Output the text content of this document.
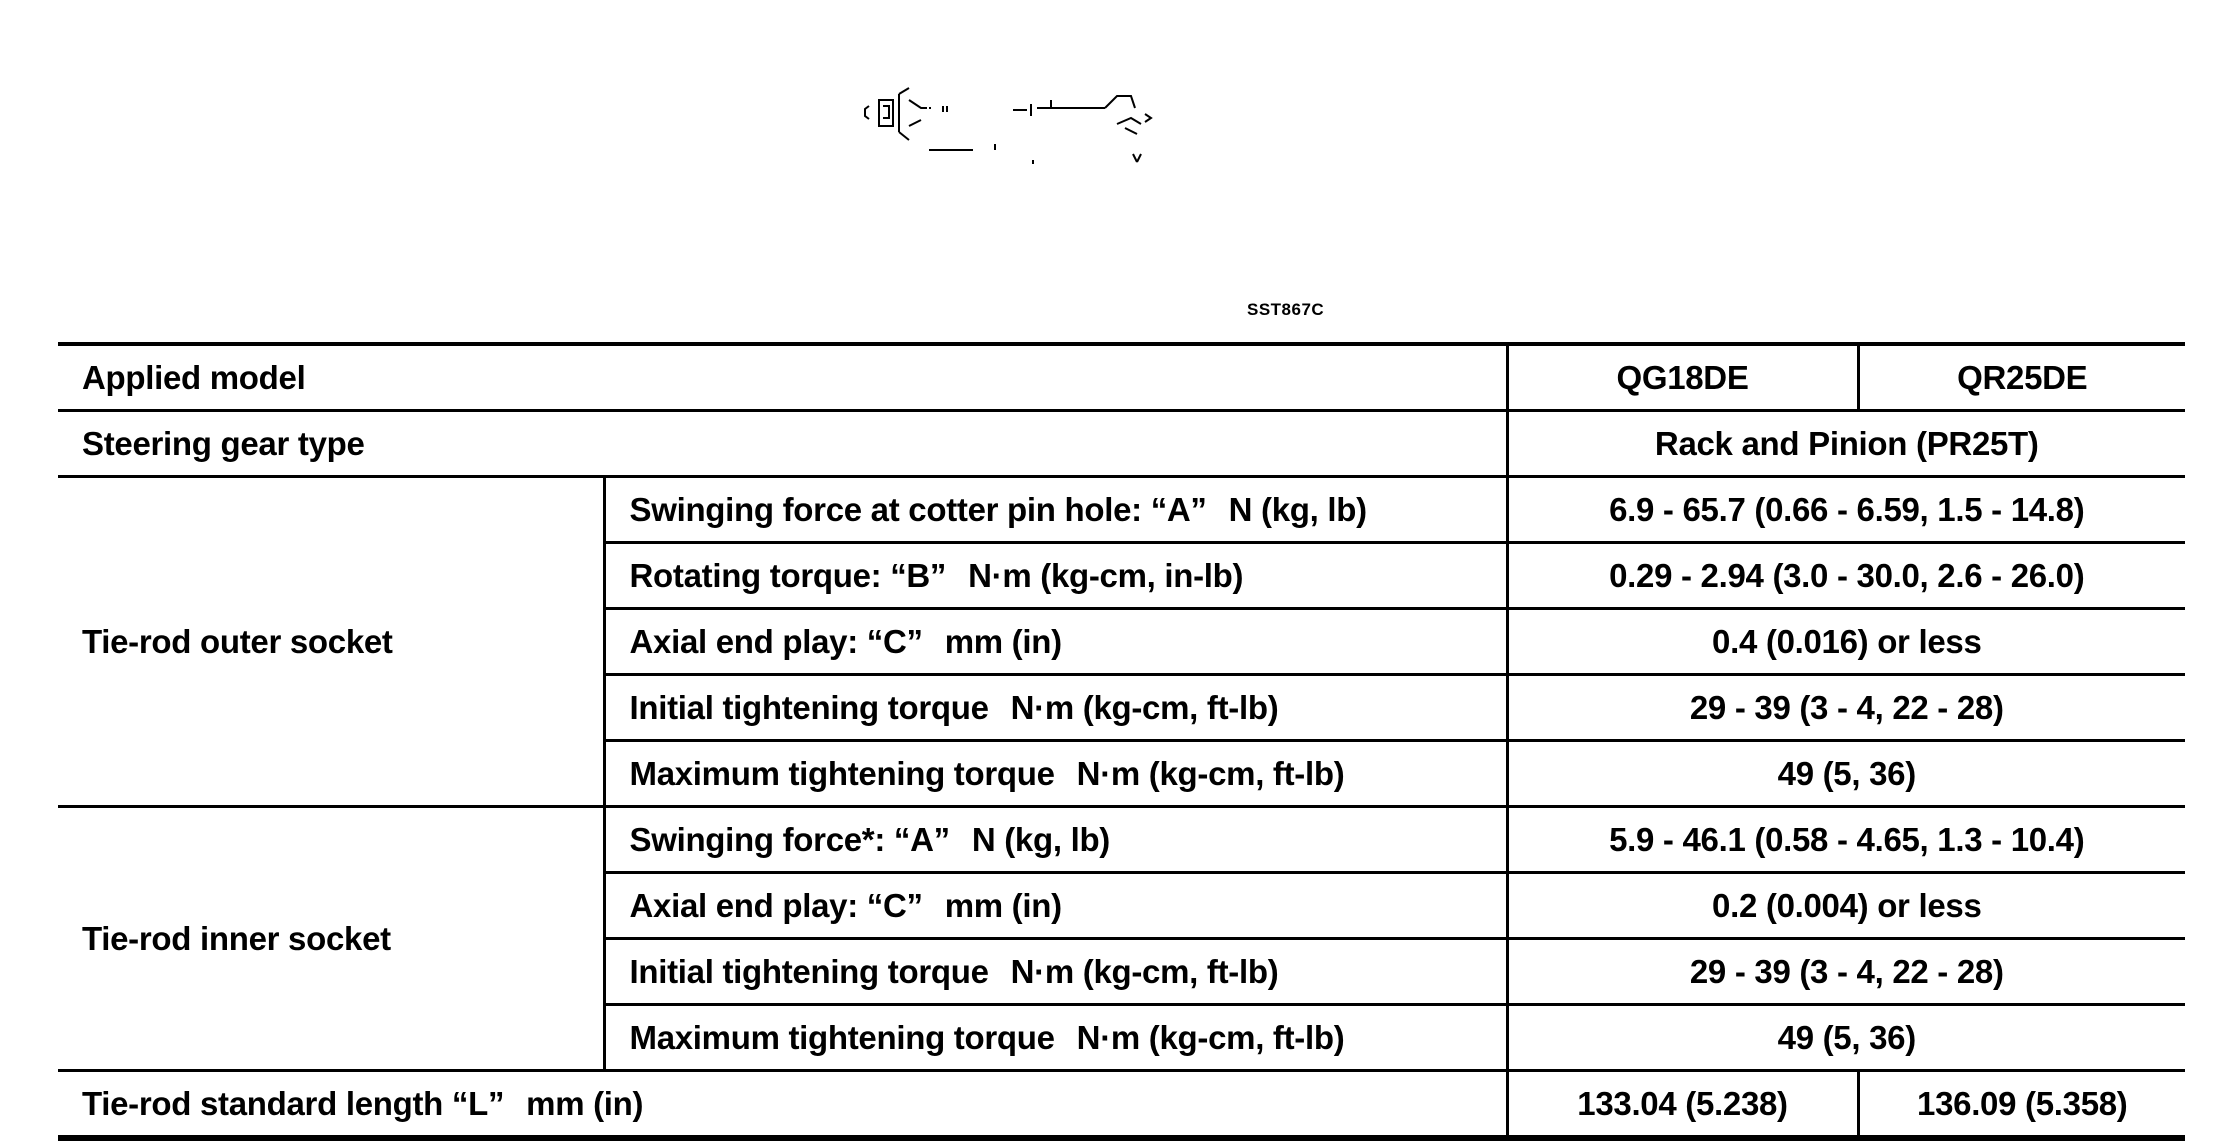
SST867C
Applied model		QG18DE	QR25DE
Steering gear type		Rack and Pinion (PR25T)	
Tie-rod outer socket	Swinging force at cotter pin hole: “A” N (kg, lb)	6.9 - 65.7 (0.66 - 6.59, 1.5 - 14.8)	
	Rotating torque: “B” N·m (kg-cm, in-lb)	0.29 - 2.94 (3.0 - 30.0, 2.6 - 26.0)	
	Axial end play: “C” mm (in)	0.4 (0.016) or less	
	Initial tightening torque N·m (kg-cm, ft-lb)	29 - 39 (3 - 4, 22 - 28)	
	Maximum tightening torque N·m (kg-cm, ft-lb)	49 (5, 36)	
Tie-rod inner socket	Swinging force*: “A” N (kg, lb)	5.9 - 46.1 (0.58 - 4.65, 1.3 - 10.4)	
	Axial end play: “C” mm (in)	0.2 (0.004) or less	
	Initial tightening torque N·m (kg-cm, ft-lb)	29 - 39 (3 - 4, 22 - 28)	
	Maximum tightening torque N·m (kg-cm, ft-lb)	49 (5, 36)	
Tie-rod standard length “L” mm (in)		133.04 (5.238)	136.09 (5.358)
